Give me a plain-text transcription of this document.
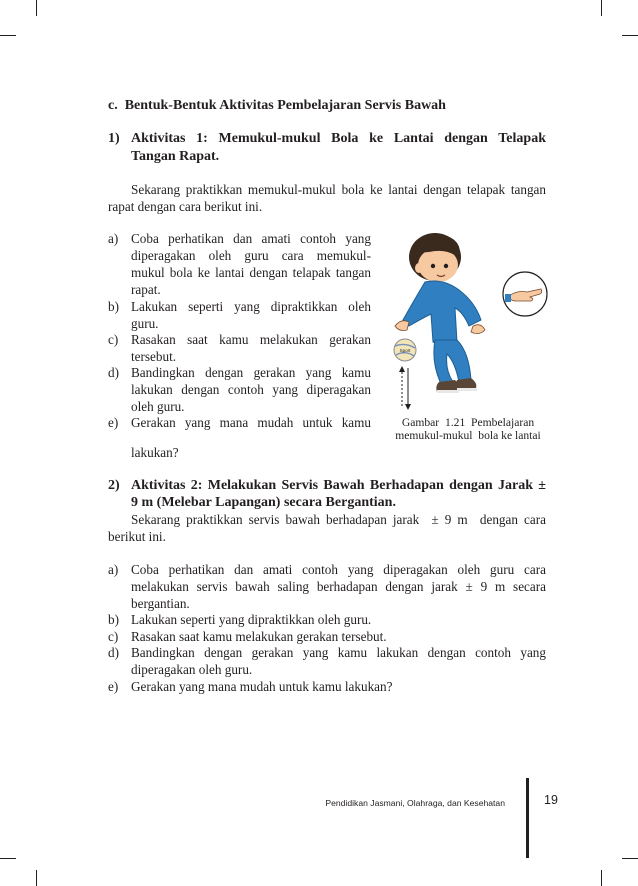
c.  Bentuk-Bentuk Aktivitas Pembelajaran Servis Bawah
1) Aktivitas 1: Memukul-mukul Bola ke Lantai dengan Telapak
Tangan Rapat.
Sekarang praktikkan memukul-mukul bola ke lantai dengan telapak tangan
rapat dengan cara berikut ini.
a) Coba perhatikan dan amati contoh yang
diperagakan oleh guru cara memukul-
mukul bola ke lantai dengan telapak tangan
rapat.
b) Lakukan seperti yang dipraktikkan oleh
guru.
c) Rasakan saat kamu melakukan gerakan
tersebut.
d) Bandingkan dengan gerakan yang kamu
lakukan dengan contoh yang diperagakan
oleh guru.
e) Gerakan yang mana mudah untuk kamu
lakukan?
Sport
Gambar  1.21  Pembelajaran
memukul-mukul  bola ke lantai
2) Aktivitas 2: Melakukan Servis Bawah Berhadapan dengan Jarak ±
9 m (Melebar Lapangan) secara Bergantian.
Sekarang praktikkan servis bawah berhadapan jarak  ± 9 m  dengan cara
berikut ini.
a) Coba perhatikan dan amati contoh yang diperagakan oleh guru cara
melakukan servis bawah saling berhadapan dengan jarak ± 9 m secara
bergantian.
b) Lakukan seperti yang dipraktikkan oleh guru.
c) Rasakan saat kamu melakukan gerakan tersebut.
d) Bandingkan dengan gerakan yang kamu lakukan dengan contoh yang
diperagakan oleh guru.
e) Gerakan yang mana mudah untuk kamu lakukan?
Pendidikan Jasmani, Olahraga, dan Kesehatan	19
